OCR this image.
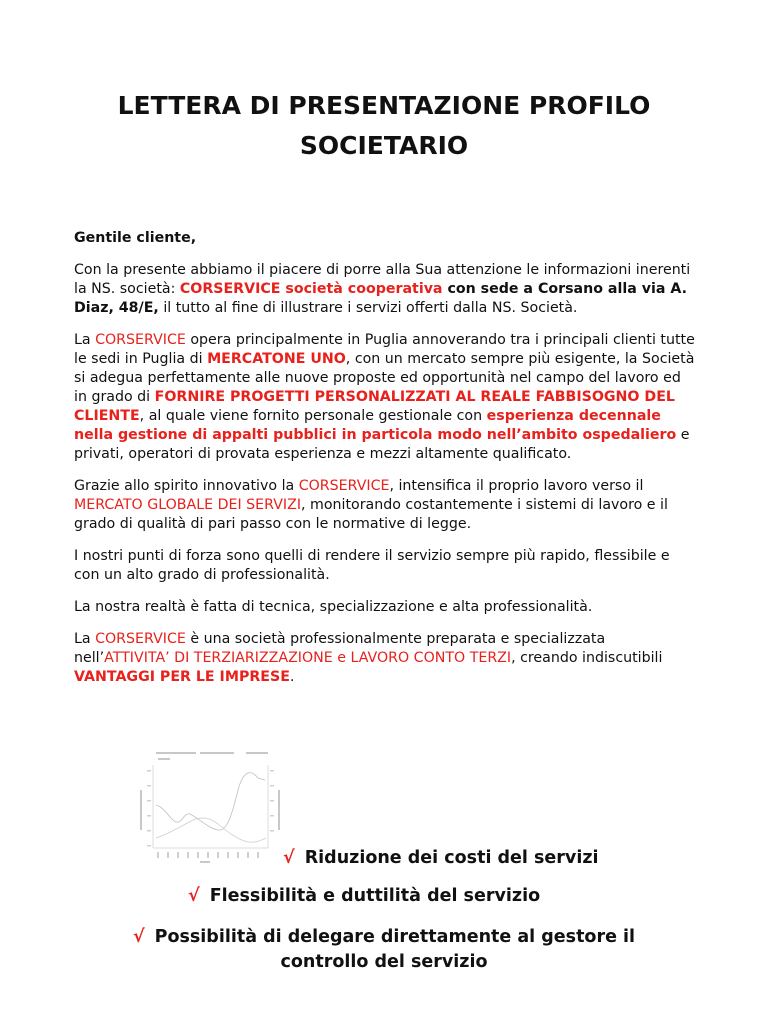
LETTERA DI PRESENTAZIONE PROFILO
SOCIETARIO

Gentile cliente,

Con la presente abbiamo il piacere di porre alla Sua attenzione le informazioni inerenti la NS. società: CORSERVICE società cooperativa con sede a Corsano alla via A. Diaz, 48/E, il tutto al fine di illustrare i servizi offerti dalla NS. Società.

La CORSERVICE opera principalmente in Puglia annoverando tra i principali clienti tutte le sedi in Puglia di MERCATONE UNO, con un mercato sempre più esigente, la Società si adegua perfettamente alle nuove proposte ed opportunità nel campo del lavoro ed in grado di FORNIRE PROGETTI PERSONALIZZATI AL REALE FABBISOGNO DEL CLIENTE, al quale viene fornito personale gestionale con esperienza decennale nella gestione di appalti pubblici in particola modo nell’ambito ospedaliero e privati, operatori di provata esperienza e mezzi altamente qualificato.

Grazie allo spirito innovativo la CORSERVICE, intensifica il proprio lavoro verso il MERCATO GLOBALE DEI SERVIZI, monitorando costantemente i sistemi di lavoro e il grado di qualità di pari passo con le normative di legge.

I nostri punti di forza sono quelli di rendere il servizio sempre più rapido, flessibile e con un alto grado di professionalità.

La nostra realtà è fatta di tecnica, specializzazione e alta professionalità.

La CORSERVICE è una società professionalmente preparata e specializzata nell’ATTIVITA’ DI TERZIARIZZAZIONE e LAVORO CONTO TERZI, creando indiscutibili VANTAGGI PER LE IMPRESE.

√ Riduzione dei costi del servizi
√ Flessibilità e duttilità del servizio
√ Possibilità di delegare direttamente al gestore il
controllo del servizio
